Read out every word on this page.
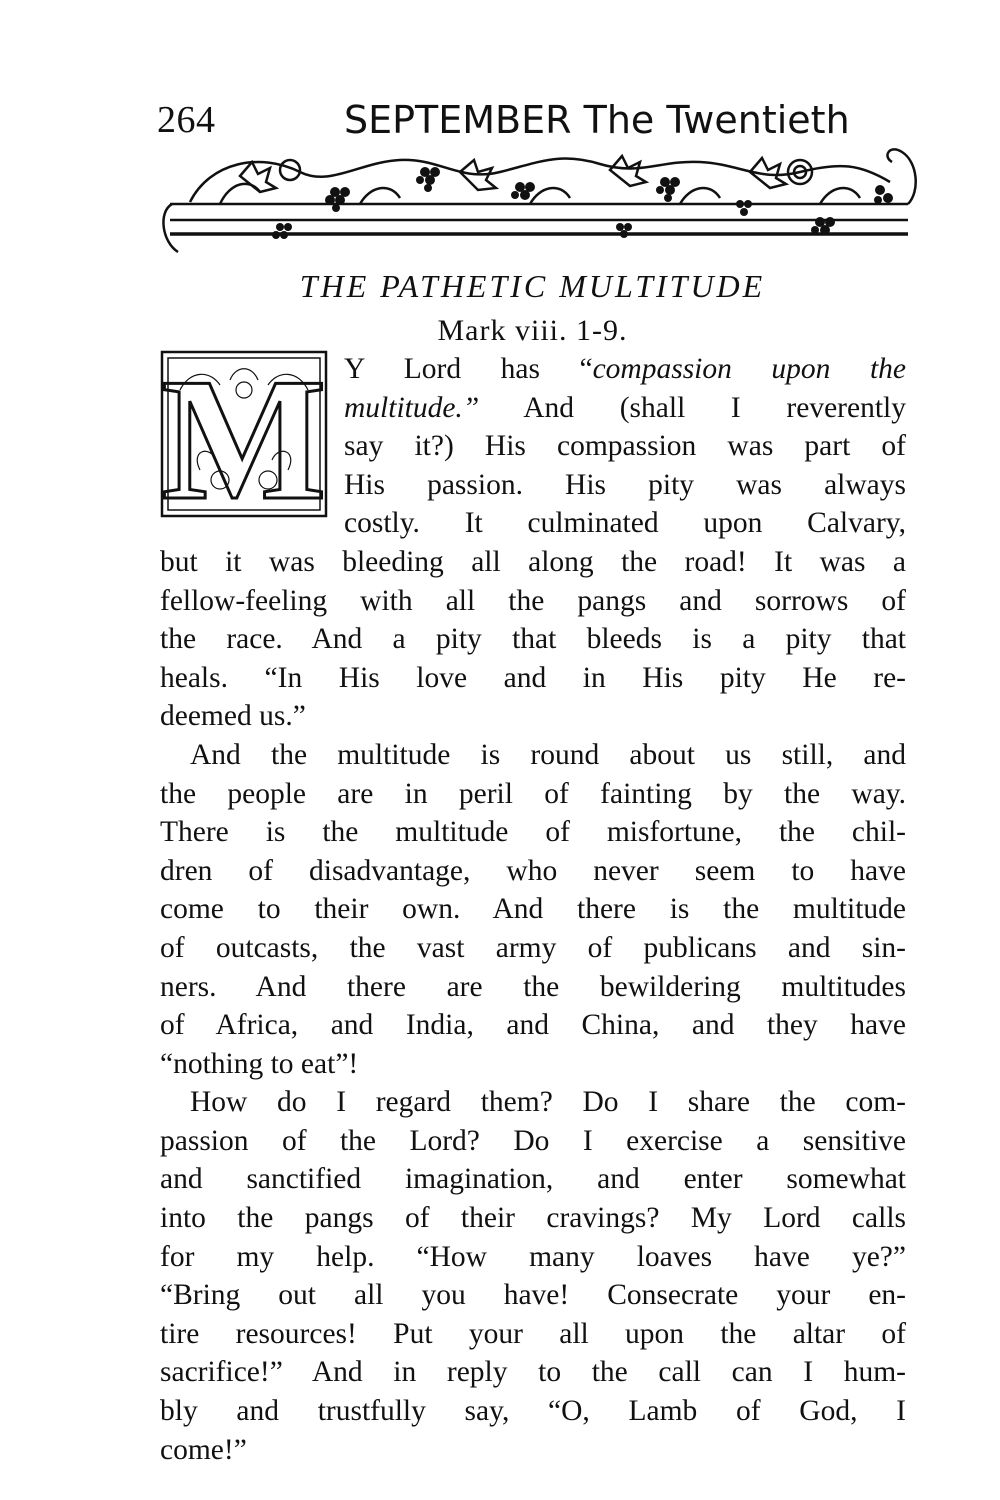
264	SEPTEMBER The Twentieth
THE PATHETIC MULTITUDE
Mark viii. 1-9.
M Y Lord has “compassion upon the
multitude.” And (shall I reverently
say it?) His compassion was part of
His passion. His pity was always
costly. It culminated upon Calvary,
but it was bleeding all along the road! It was a
fellow-feeling with all the pangs and sorrows of
the race. And a pity that bleeds is a pity that
heals. “In His love and in His pity He re-
deemed us.”
And the multitude is round about us still, and
the people are in peril of fainting by the way.
There is the multitude of misfortune, the chil-
dren of disadvantage, who never seem to have
come to their own. And there is the multitude
of outcasts, the vast army of publicans and sin-
ners. And there are the bewildering multitudes
of Africa, and India, and China, and they have
“nothing to eat”!
How do I regard them? Do I share the com-
passion of the Lord? Do I exercise a sensitive
and sanctified imagination, and enter somewhat
into the pangs of their cravings? My Lord calls
for my help. “How many loaves have ye?”
“Bring out all you have! Consecrate your en-
tire resources! Put your all upon the altar of
sacrifice!” And in reply to the call can I hum-
bly and trustfully say, “O, Lamb of God, I
come!”
